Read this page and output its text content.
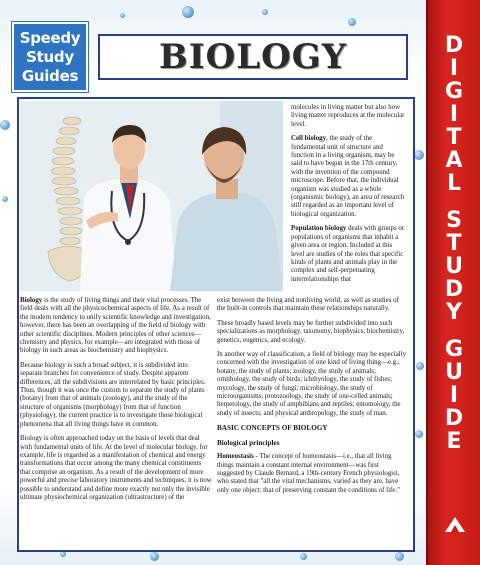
D
I
G
I
T
A
L
S
T
U
D
Y
G
U
I
D
E
Speedy
Study
Guides BIOLOGY

molecules in living matter but also how living matter reproduces at the molecular level.

Cell biology, the study of the fundamental unit of structure and function in a living organism, may be said to have begun in the 17th century, with the invention of the compound microscope. Before that, the individual organism was studied as a whole (organismic biology), an area of research still regarded as an important level of biological organization.

Population biology deals with groups or populations of organisms that inhabit a given area or region. Included at this level are studies of the roles that specific kinds of plants and animals play in the complex and self-perpetuating interrelationships that

Biology is the study of living things and their vital processes. The field deals with all the physicochemical aspects of life. As a result of the modern tendency to unify scientific knowledge and investigation, however, there has been an overlapping of the field of biology with other scientific disciplines. Modern principles of other sciences—chemistry and physics, for example—are integrated with those of biology in such areas as biochemistry and biophysics.

Because biology is such a broad subject, it is subdivided into separate branches for convenience of study. Despite apparent differences, all the subdivisions are interrelated by basic principles. Thus, though it was once the custom to separate the study of plants (botany) from that of animals (zoology), and the study of the structure of organisms (morphology) from that of function (physiology), the current practice is to investigate those biological phenomena that all living things have in common.

Biology is often approached today on the basis of levels that deal with fundamental units of life. At the level of molecular biology, for example, life is regarded as a manifestation of chemical and energy transformations that occur among the many chemical constituents that comprise an organism. As a result of the development of more powerful and precise laboratory instruments and techniques, it is now possible to understand and define more exactly not only the invisible ultimate physiochemical organization (ultrastructure) of the

exist between the living and nonliving world, as well as studies of the built-in controls that maintain these relationships naturally.

These broadly based levels may be further subdivided into such specializations as morphology, taxonomy, biophysics, biochemistry, genetics, eugenics, and ecology.

In another way of classification, a field of biology may be especially concerned with the investigation of one kind of living thing—e.g., botany, the study of plants; zoology, the study of animals; ornithology, the study of birds; ichthyology, the study of fishes; mycology, the study of fungi; microbiology, the study of microorganisms; protozoology, the study of one-celled animals; herpetology, the study of amphibians and reptiles; entomology, the study of insects; and physical anthropology, the study of man.

BASIC CONCEPTS OF BIOLOGY

Biological principles

Homeostasis - The concept of homeostasis—i.e., that all living things maintain a constant internal environment—was first suggested by Claude Bernard, a 19th-century French physiologist, who stated that "all the vital mechanisms, varied as they are, have only one object: that of preserving constant the conditions of life."
